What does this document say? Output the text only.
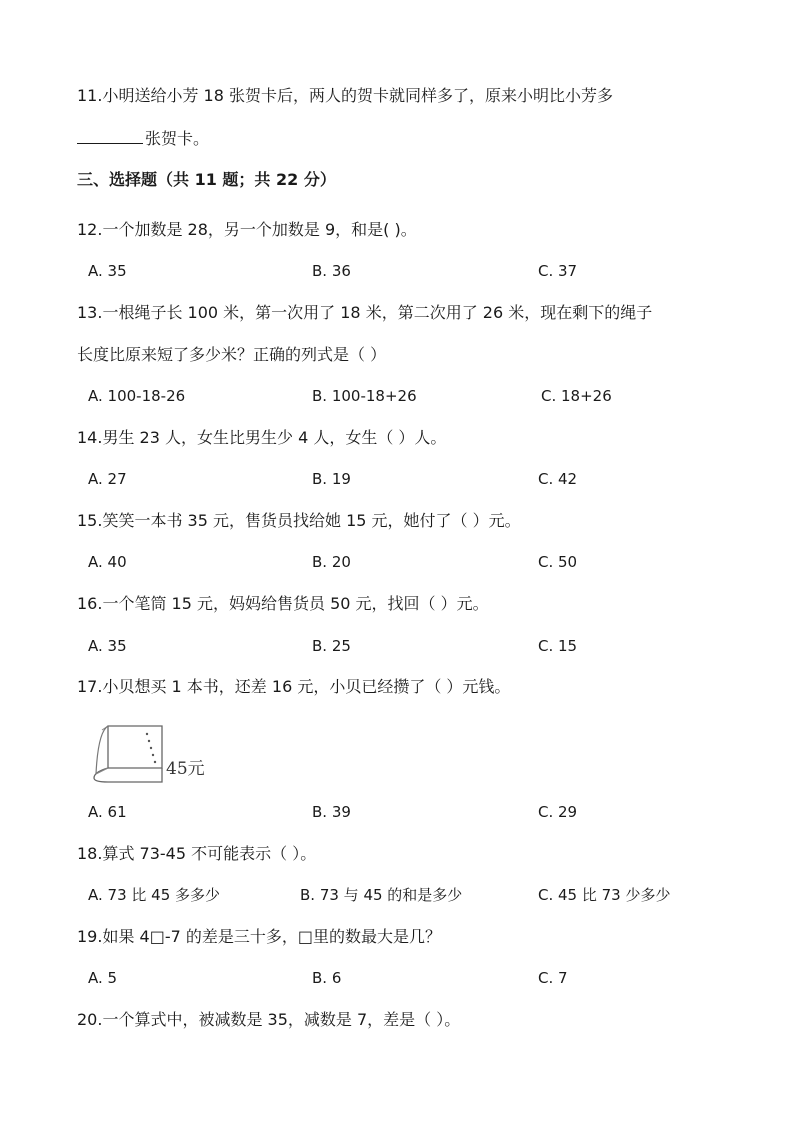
11.小明送给小芳 18 张贺卡后，两人的贺卡就同样多了，原来小明比小芳多
张贺卡。
三、选择题（共 11 题；共 22 分）
12.一个加数是 28，另一个加数是 9，和是( )。
A. 35	B. 36	C. 37
13.一根绳子长 100 米，第一次用了 18 米，第二次用了 26 米，现在剩下的绳子
长度比原来短了多少米？正确的列式是（ ）
A. 100-18-26	B. 100-18+26	C. 18+26
14.男生 23 人，女生比男生少 4 人，女生（ ）人。
A. 27	B. 19	C. 42
15.笑笑一本书 35 元，售货员找给她 15 元，她付了（ ）元。
A. 40	B. 20	C. 50
16.一个笔筒 15 元，妈妈给售货员 50 元，找回（ ）元。
A. 35	B. 25	C. 15
17.小贝想买 1 本书，还差 16 元，小贝已经攒了（ ）元钱。
45元
A. 61	B. 39	C. 29
18.算式 73-45 不可能表示（ ）。
A. 73 比 45 多多少	B. 73 与 45 的和是多少	C. 45 比 73 少多少
19.如果 4□-7 的差是三十多，□里的数最大是几？
A. 5	B. 6	C. 7
20.一个算式中，被减数是 35，减数是 7，差是（ ）。
